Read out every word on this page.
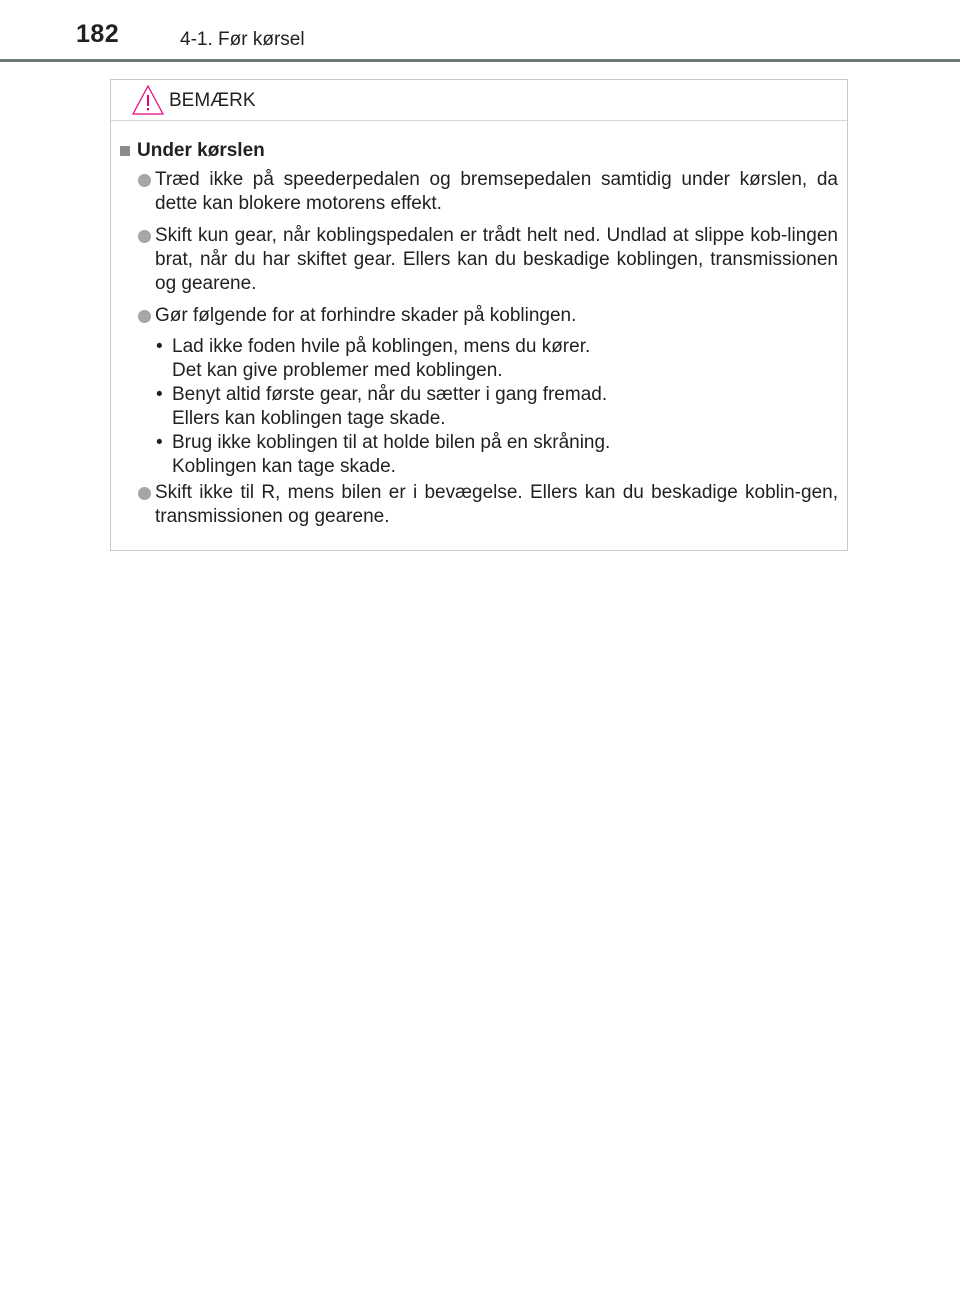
182	4-1. Før kørsel
BEMÆRK
Under kørslen
Træd ikke på speederpedalen og bremsepedalen samtidig under kørslen, da dette kan blokere motorens effekt.
Skift kun gear, når koblingspedalen er trådt helt ned. Undlad at slippe kob-lingen brat, når du har skiftet gear. Ellers kan du beskadige koblingen, transmissionen og gearene.
Gør følgende for at forhindre skader på koblingen.
• Lad ikke foden hvile på koblingen, mens du kører.
Det kan give problemer med koblingen.
• Benyt altid første gear, når du sætter i gang fremad.
Ellers kan koblingen tage skade.
• Brug ikke koblingen til at holde bilen på en skråning.
Koblingen kan tage skade.
Skift ikke til R, mens bilen er i bevægelse. Ellers kan du beskadige koblin-gen, transmissionen og gearene.
